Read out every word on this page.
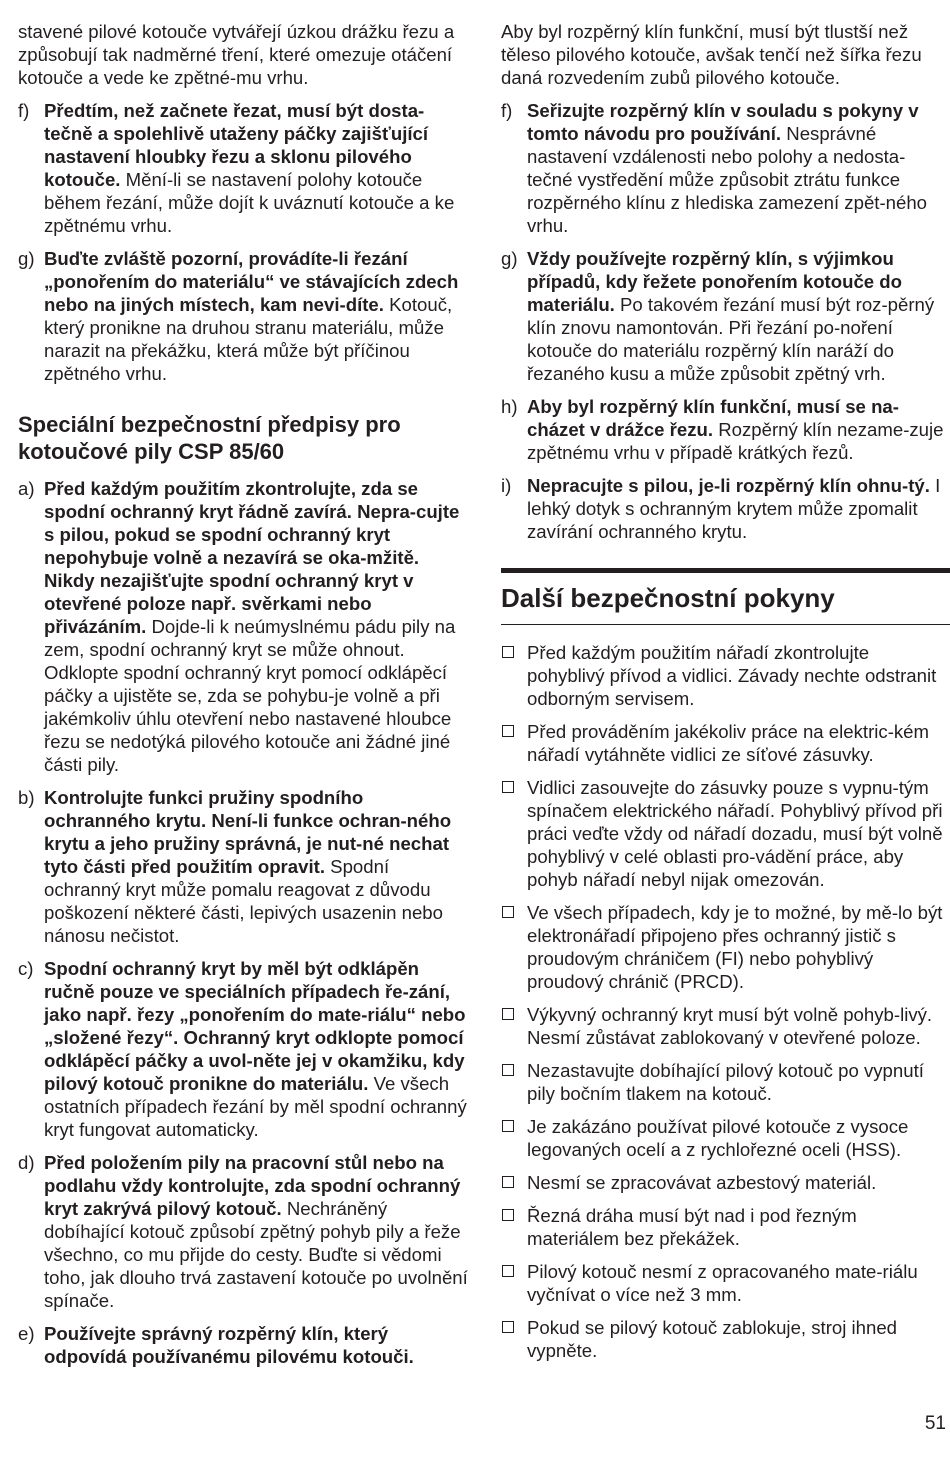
stavené pilové kotouče vytvářejí úzkou drážku řezu a způsobují tak nadměrné tření, které omezuje otáčení kotouče a vede ke zpětné-mu vrhu.

f) Předtím, než začnete řezat, musí být dosta-tečně a spolehlivě utaženy páčky zajišťující nastavení hloubky řezu a sklonu pilového kotouče. Mění-li se nastavení polohy kotouče během řezání, může dojít k uváznutí kotouče a ke zpětnému vrhu.
g) Buďte zvláště pozorní, provádíte-li řezání „ponořením do materiálu“ ve stávajících zdech nebo na jiných místech, kam nevi-díte. Kotouč, který pronikne na druhou stranu materiálu, může narazit na překážku, která může být příčinou zpětného vrhu.
Speciální bezpečnostní předpisy pro kotoučové pily CSP 85/60
a) Před každým použitím zkontrolujte, zda se spodní ochranný kryt řádně zavírá. Nepra-cujte s pilou, pokud se spodní ochranný kryt nepohybuje volně a nezavírá se oka-mžitě. Nikdy nezajišťujte spodní ochranný kryt v otevřené poloze např. svěrkami nebo přivázáním. Dojde-li k neúmyslnému pádu pily na zem, spodní ochranný kryt se může ohnout. Odklopte spodní ochranný kryt pomocí odklápěcí páčky a ujistěte se, zda se pohybu-je volně a při jakémkoliv úhlu otevření nebo nastavené hloubce řezu se nedotýká pilového kotouče ani žádné jiné části pily.
b) Kontrolujte funkci pružiny spodního ochranného krytu. Není-li funkce ochran-ného krytu a jeho pružiny správná, je nut-né nechat tyto části před použitím opravit. Spodní ochranný kryt může pomalu reagovat z důvodu poškození některé části, lepivých usazenin nebo nánosu nečistot.
c) Spodní ochranný kryt by měl být odklápěn ručně pouze ve speciálních případech ře-zání, jako např. řezy „ponořením do mate-riálu“ nebo „složené řezy“. Ochranný kryt odklopte pomocí odklápěcí páčky a uvol-něte jej v okamžiku, kdy pilový kotouč pronikne do materiálu. Ve všech ostatních případech řezání by měl spodní ochranný kryt fungovat automaticky.
d) Před položením pily na pracovní stůl nebo na podlahu vždy kontrolujte, zda spodní ochranný kryt zakrývá pilový kotouč. Nechráněný dobíhající kotouč způsobí zpětný pohyb pily a řeže všechno, co mu přijde do cesty. Buďte si vědomi toho, jak dlouho trvá zastavení kotouče po uvolnění spínače.
e) Používejte správný rozpěrný klín, který odpovídá používanému pilovému kotouči.

Aby byl rozpěrný klín funkční, musí být tlustší než těleso pilového kotouče, avšak tenčí než šířka řezu daná rozvedením zubů pilového kotouče.

f) Seřizujte rozpěrný klín v souladu s pokyny v tomto návodu pro používání. Nesprávné nastavení vzdálenosti nebo polohy a nedosta-tečné vystředění může způsobit ztrátu funkce rozpěrného klínu z hlediska zamezení zpět-ného vrhu.
g) Vždy používejte rozpěrný klín, s výjimkou případů, kdy řežete ponořením kotouče do materiálu. Po takovém řezání musí být roz-pěrný klín znovu namontován. Při řezání po-noření kotouče do materiálu rozpěrný klín naráží do řezaného kusu a může způsobit zpětný vrh.
h) Aby byl rozpěrný klín funkční, musí se na-cházet v drážce řezu. Rozpěrný klín nezame-zuje zpětnému vrhu v případě krátkých řezů.
i) Nepracujte s pilou, je-li rozpěrný klín ohnu-tý. I lehký dotyk s ochranným krytem může zpomalit zavírání ochranného krytu.
Další bezpečnostní pokyny
Před každým použitím nářadí zkontrolujte pohyblivý přívod a vidlici. Závady nechte odstranit odborným servisem.
Před prováděním jakékoliv práce na elektric-kém nářadí vytáhněte vidlici ze síťové zásuvky.
Vidlici zasouvejte do zásuvky pouze s vypnu-tým spínačem elektrického nářadí. Pohyblivý přívod při práci veďte vždy od nářadí dozadu, musí být volně pohyblivý v celé oblasti pro-vádění práce, aby pohyb nářadí nebyl nijak omezován.
Ve všech případech, kdy je to možné, by mě-lo být elektronářadí připojeno přes ochranný jistič s proudovým chráničem (FI) nebo pohyblivý proudový chránič (PRCD).
Výkyvný ochranný kryt musí být volně pohyb-livý. Nesmí zůstávat zablokovaný v otevřené poloze.
Nezastavujte dobíhající pilový kotouč po vypnutí pily bočním tlakem na kotouč.
Je zakázáno používat pilové kotouče z vysoce legovaných ocelí a z rychlořezné oceli (HSS).
Nesmí se zpracovávat azbestový materiál.
Řezná dráha musí být nad i pod řezným materiálem bez překážek.
Pilový kotouč nesmí z opracovaného mate-riálu vyčnívat o více než 3 mm.
Pokud se pilový kotouč zablokuje, stroj ihned vypněte.
51
